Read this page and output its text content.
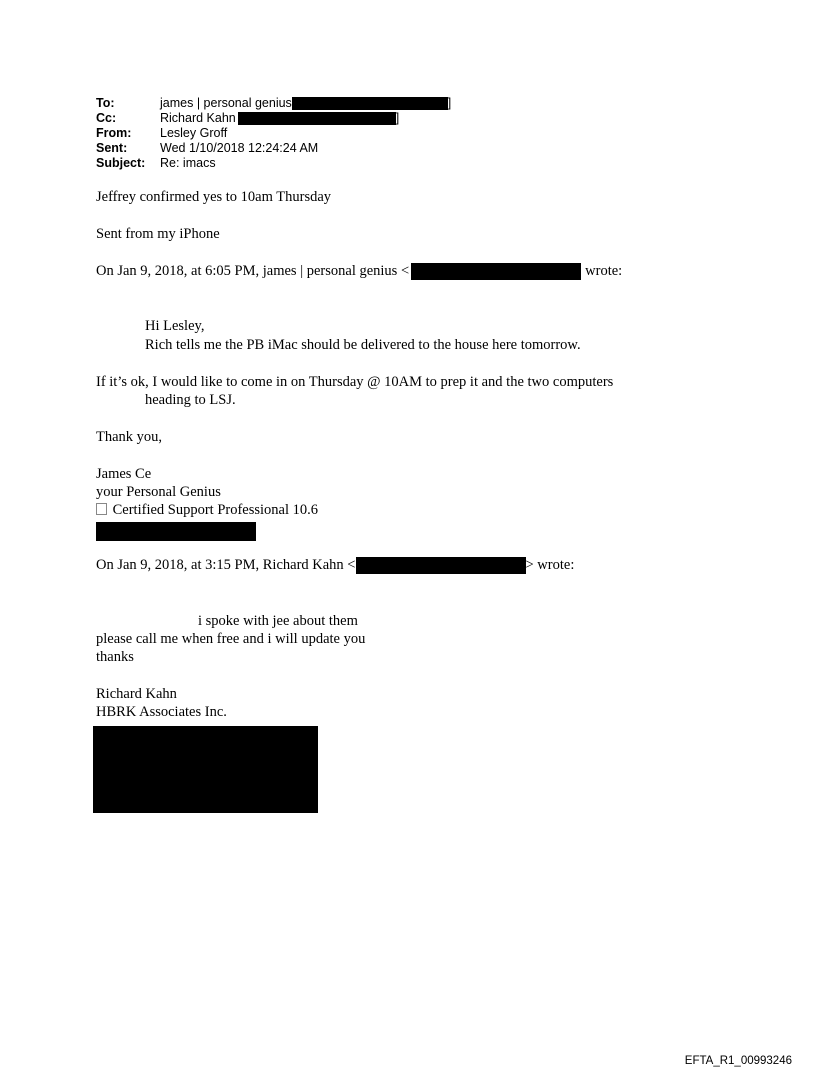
To:	james | personal genius	]
Cc:	Richard Kahn	]
From: Lesley Groff
Sent:	Wed 1/10/2018 12:24:24 AM
Subject: Re: imacs
Jeffrey confirmed yes to 10am Thursday
Sent from my iPhone
On Jan 9, 2018, at 6:05 PM, james | personal genius <	wrote:
Hi Lesley,
Rich tells me the PB iMac should be delivered to the house here tomorrow.
If it’s ok, I would like to come in on Thursday @ 10AM to prep it and the two computers
heading to LSJ.
Thank you,
James Ce
your Personal Genius
Certified Support Professional 10.6
On Jan 9, 2018, at 3:15 PM, Richard Kahn <	> wrote:
i spoke with jee about them
please call me when free and i will update you
thanks
Richard Kahn
HBRK Associates Inc.
EFTA_R1_00993246
